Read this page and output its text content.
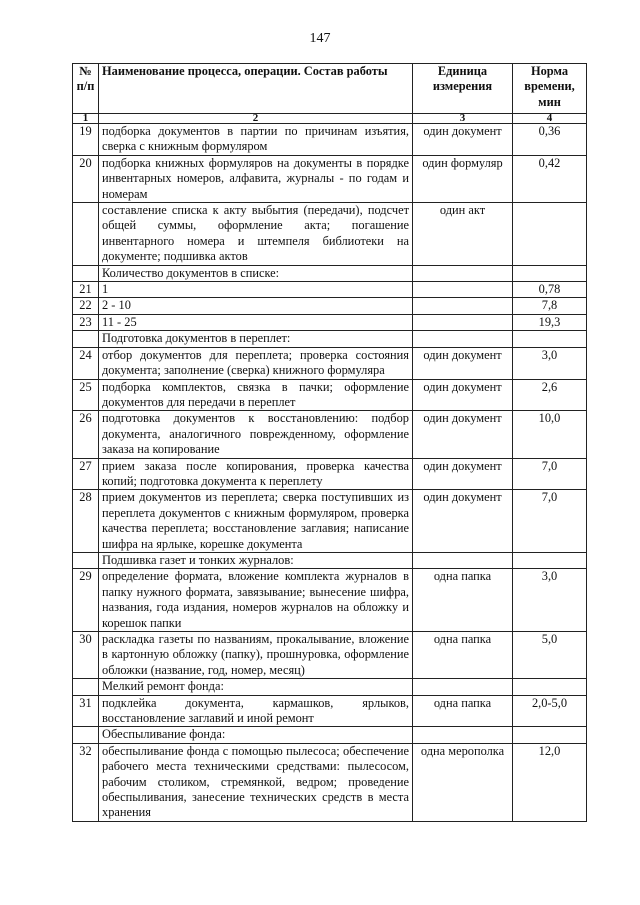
147
№ п/п	Наименование процесса, операции. Состав работы	Единица измерения	Норма времени, мин
1	2	3	4
19	подборка документов в партии по причинам изъятия, сверка с книжным формуляром	один документ	0,36
20	подборка книжных формуляров на документы в порядке инвентарных номеров, алфавита, журналы - по годам и номерам	один формуляр	0,42
	составление списка к акту выбытия (передачи), подсчет общей суммы, оформление акта; погашение инвентарного номера и штемпеля библиотеки на документе; подшивка актов	один акт	
	Количество документов в списке:		
21	1		0,78
22	2 - 10		7,8
23	11 - 25		19,3
	Подготовка документов в переплет:		
24	отбор документов для переплета; проверка состояния документа; заполнение (сверка) книжного формуляра	один документ	3,0
25	подборка комплектов, связка в пачки; оформление документов для передачи в переплет	один документ	2,6
26	подготовка документов к восстановлению: подбор документа, аналогичного поврежденному, оформление заказа на копирование	один документ	10,0
27	прием заказа после копирования, проверка качества копий; подготовка документа к переплету	один документ	7,0
28	прием документов из переплета; сверка поступивших из переплета документов с книжным формуляром, проверка качества переплета; восстановление заглавия; написание шифра на ярлыке, корешке документа	один документ	7,0
	Подшивка газет и тонких журналов:		
29	определение формата, вложение комплекта журналов в папку нужного формата, завязывание; вынесение шифра, названия, года издания, номеров журналов на обложку и корешок папки	одна папка	3,0
30	раскладка газеты по названиям, прокалывание, вложение в картонную обложку (папку), прошнуровка, оформление обложки (название, год, номер, месяц)	одна папка	5,0
	Мелкий ремонт фонда:		
31	подклейка документа, кармашков, ярлыков, восстановление заглавий и иной ремонт	одна папка	2,0-5,0
	Обеспыливание фонда:		
32	обеспыливание фонда с помощью пылесоса; обеспечение рабочего места техническими средствами: пылесосом, рабочим столиком, стремянкой, ведром; проведение обеспыливания, занесение технических средств в места хранения	одна мерополка	12,0
